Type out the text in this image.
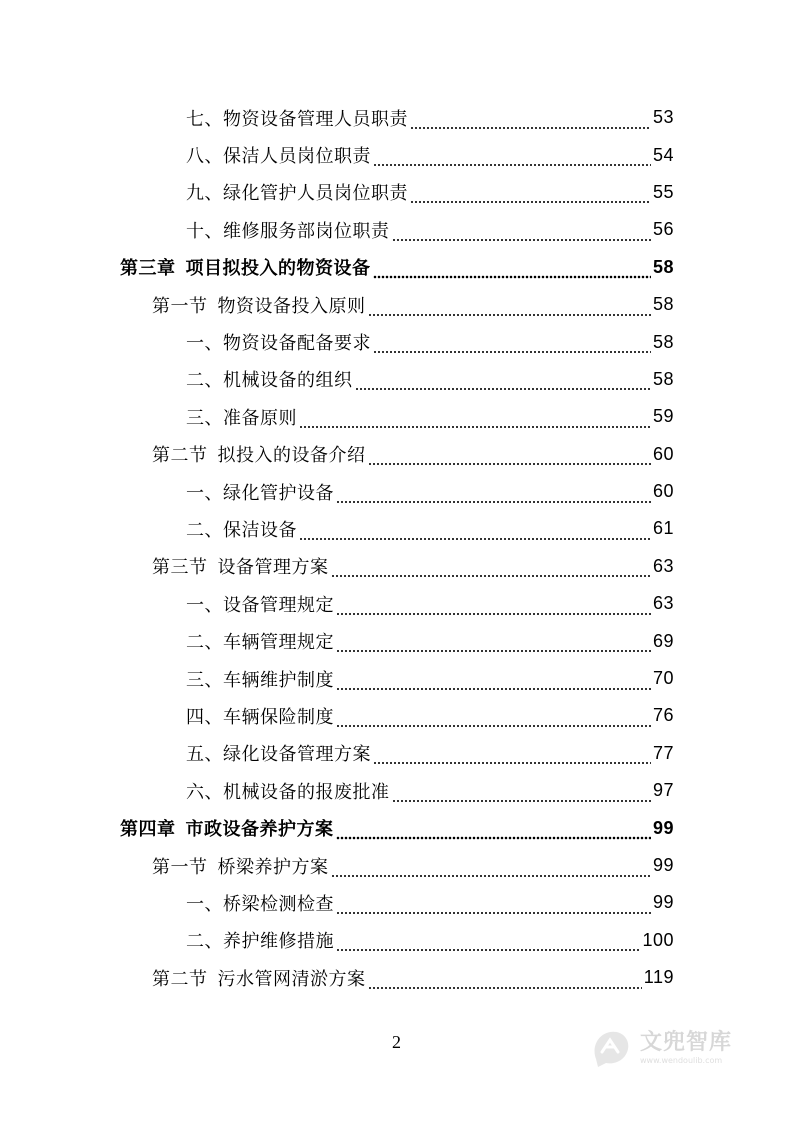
七、物资设备管理人员职责	53
八、保洁人员岗位职责	54
九、绿化管护人员岗位职责	55
十、维修服务部岗位职责	56
第三章 项目拟投入的物资设备	58
第一节 物资设备投入原则	58
一、物资设备配备要求	58
二、机械设备的组织	58
三、准备原则	59
第二节 拟投入的设备介绍	60
一、绿化管护设备	60
二、保洁设备	61
第三节 设备管理方案	63
一、设备管理规定	63
二、车辆管理规定	69
三、车辆维护制度	70
四、车辆保险制度	76
五、绿化设备管理方案	77
六、机械设备的报废批准	97
第四章 市政设备养护方案	99
第一节 桥梁养护方案	99
一、桥梁检测检查	99
二、养护维修措施	100
第二节 污水管网清淤方案	119
2	文兜智库
www.wendoulib.com
